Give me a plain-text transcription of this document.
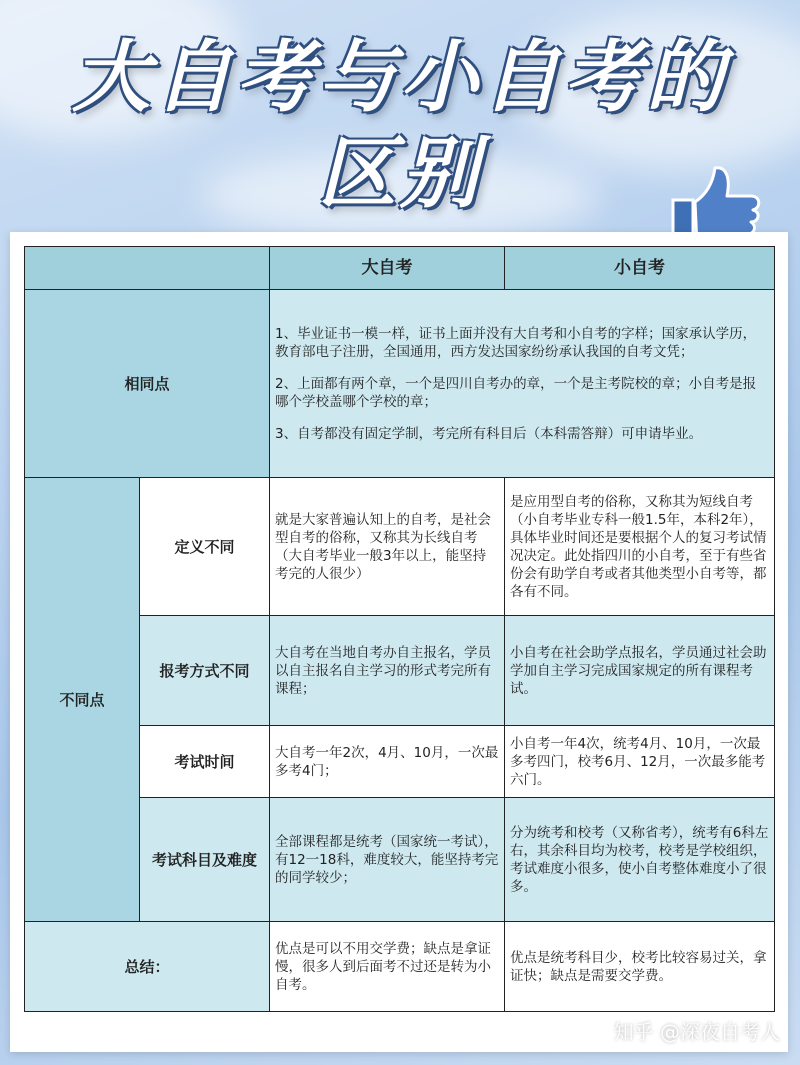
大自考与小自考的
区别
		大自考	小自考
相同点		1、毕业证书一模一样，证书上面并没有大自考和小自考的字样；国家承认学历，教育部电子注册，全国通用，西方发达国家纷纷承认我国的自考文凭；

2、上面都有两个章，一个是四川自考办的章，一个是主考院校的章；小自考是报哪个学校盖哪个学校的章；

3、自考都没有固定学制，考完所有科目后（本科需答辩）可申请毕业。	

不同点	定义不同	就是大家普遍认知上的自考，是社会型自考的俗称，又称其为长线自考（大自考毕业一般3年以上，能坚持考完的人很少）	是应用型自考的俗称，又称其为短线自考（小自考毕业专科一般1.5年，本科2年），具体毕业时间还是要根据个人的复习考试情况决定。此处指四川的小自考，至于有些省份会有助学自考或者其他类型小自考等，都各有不同。
	报考方式不同	大自考在当地自考办自主报名，学员以自主报名自主学习的形式考完所有课程；	小自考在社会助学点报名，学员通过社会助学加自主学习完成国家规定的所有课程考试。
	考试时间	大自考一年2次，4月、10月，一次最多考4门；	小自考一年4次，统考4月、10月，一次最多考四门，校考6月、12月，一次最多能考六门。
	考试科目及难度	全部课程都是统考（国家统一考试），有12一18科，难度较大，能坚持考完的同学较少；	分为统考和校考（又称省考），统考有6科左右，其余科目均为校考，校考是学校组织，考试难度小很多，使小自考整体难度小了很多。
总结：		优点是可以不用交学费；缺点是拿证慢，很多人到后面考不过还是转为小自考。	优点是统考科目少，校考比较容易过关，拿证快；缺点是需要交学费。
知乎 @深夜自考人
